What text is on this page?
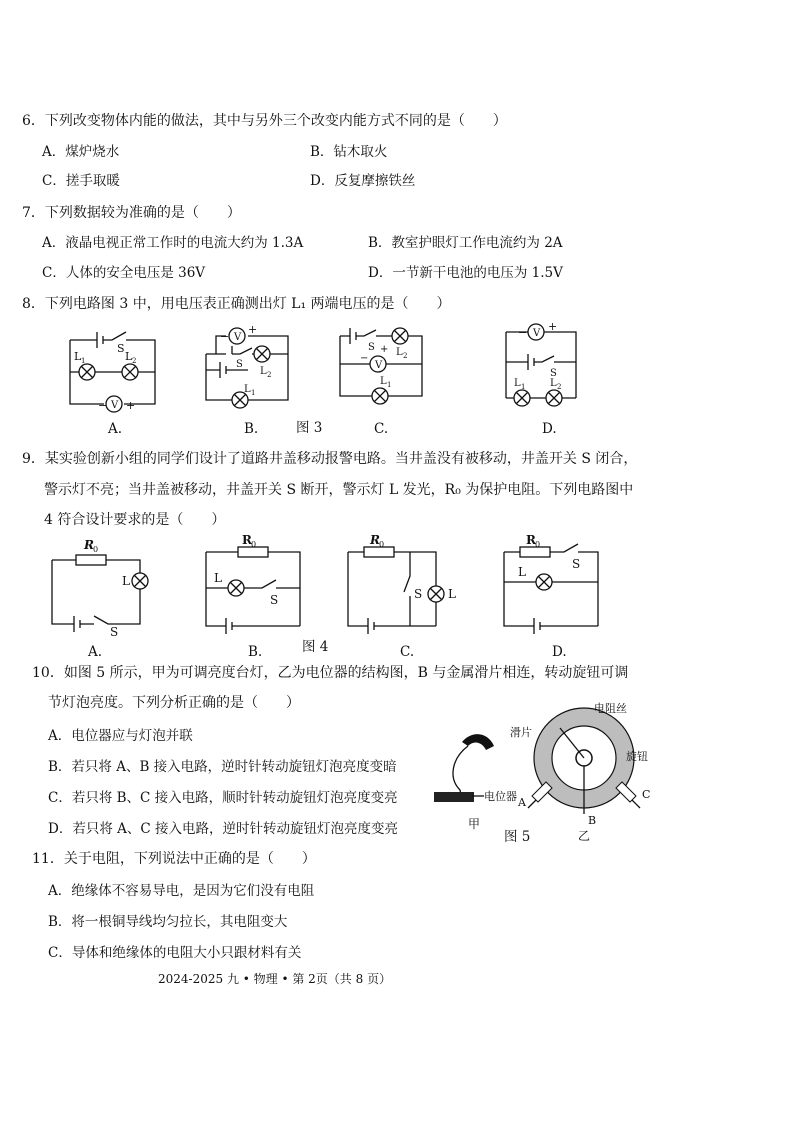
6．下列改变物体内能的做法，其中与另外三个改变内能方式不同的是（　　）
A．煤炉烧水	B．钻木取火
C．搓手取暖	D．反复摩擦铁丝
7．下列数据较为准确的是（　　）
A．液晶电视正常工作时的电流大约为 1.3A	B．教室护眼灯工作电流约为 2A
C．人体的安全电压是 36V	D．一节新干电池的电压为 1.5V
8．下列电路图 3 中，用电压表正确测出灯 L₁ 两端电压的是（　　）
V
S
L 1	L 2
− +
A.
V
−
+
S
L 2
L 1
B.	图 3
V
S L 2
−
+
L 1
C.
V
− +
S
L 1 L 2
D.
9．某实验创新小组的同学们设计了道路井盖移动报警电路。当井盖没有被移动，井盖开关 S 闭合，
警示灯不亮；当井盖被移动，井盖开关 S 断开，警示灯 L 发光，R₀ 为保护电阻。下列电路图中
4 符合设计要求的是（　　）
R 0
L
S
A.
R 0
L
S
B.	图 4
R 0
S L
C.
R 0
S
L
D.
10．如图 5 所示，甲为可调亮度台灯，乙为电位器的结构图，B 与金属滑片相连，转动旋钮可调
节灯泡亮度。下列分析正确的是（　　）
A．电位器应与灯泡并联
B．若只将 A、B 接入电路，逆时针转动旋钮灯泡亮度变暗
C．若只将 B、C 接入电路，顺时针转动旋钮灯泡亮度变亮
D．若只将 A、C 接入电路，逆时针转动旋钮灯泡亮度变亮
电位器
甲
图 5
A
C
B
电阻丝
滑片
旋钮
乙
11．关于电阻，下列说法中正确的是（　　）
A．绝缘体不容易导电，是因为它们没有电阻
B．将一根铜导线均匀拉长，其电阻变大
C．导体和绝缘体的电阻大小只跟材料有关
2024-2025 九 • 物理 • 第 2页（共 8 页）
